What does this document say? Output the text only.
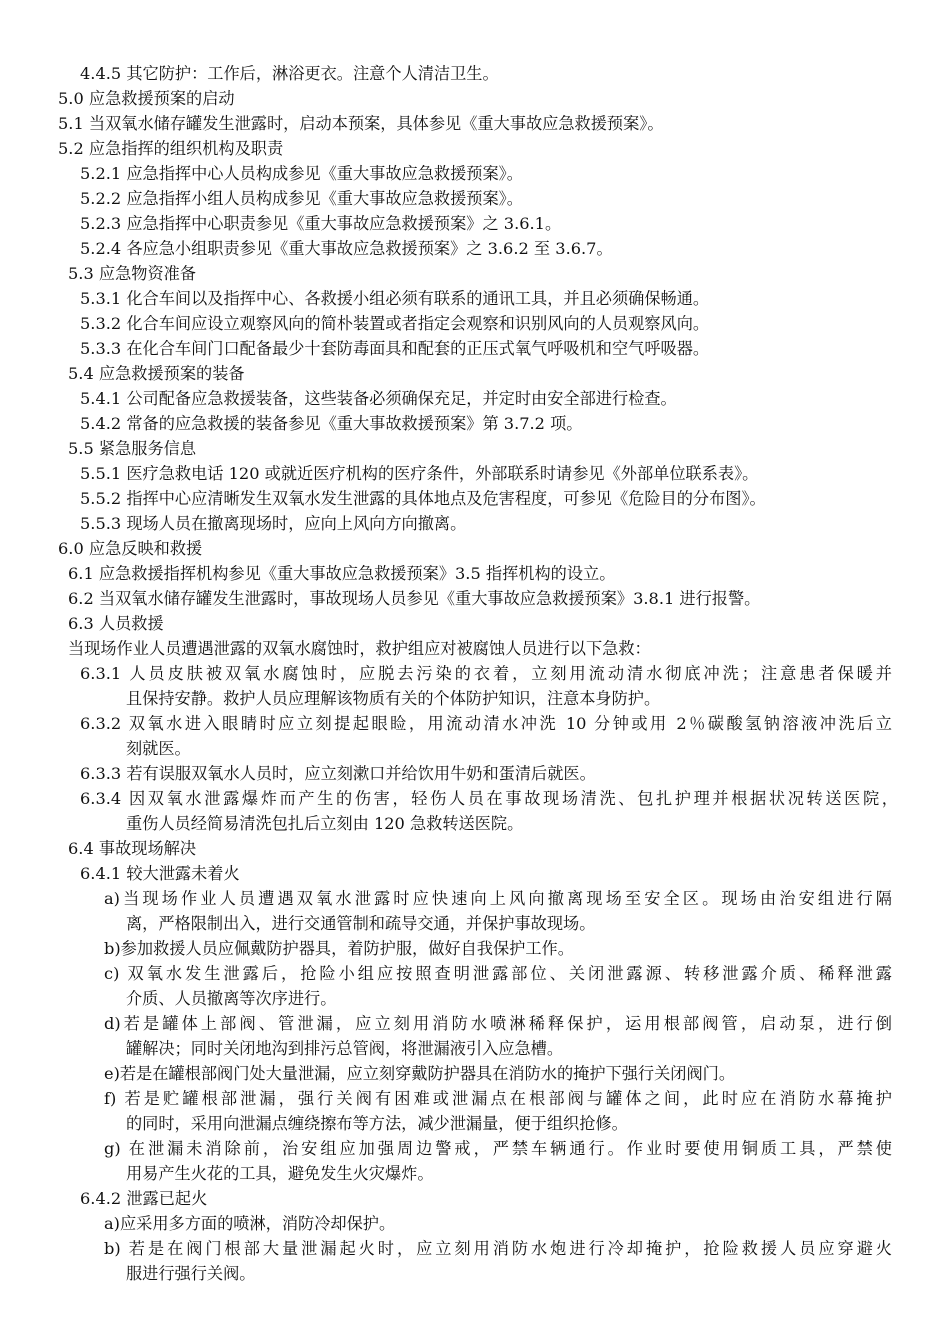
4.4.5 其它防护：工作后，淋浴更衣。注意个人清洁卫生。

5.0 应急救援预案的启动

5.1 当双氧水储存罐发生泄露时，启动本预案，具体参见《重大事故应急救援预案》。

5.2 应急指挥的组织机构及职责

5.2.1 应急指挥中心人员构成参见《重大事故应急救援预案》。

5.2.2 应急指挥小组人员构成参见《重大事故应急救援预案》。

5.2.3 应急指挥中心职责参见《重大事故应急救援预案》之 3.6.1。

5.2.4 各应急小组职责参见《重大事故应急救援预案》之 3.6.2 至 3.6.7。

5.3 应急物资准备

5.3.1 化合车间以及指挥中心、各救援小组必须有联系的通讯工具，并且必须确保畅通。

5.3.2 化合车间应设立观察风向的简朴装置或者指定会观察和识别风向的人员观察风向。

5.3.3 在化合车间门口配备最少十套防毒面具和配套的正压式氧气呼吸机和空气呼吸器。

5.4 应急救援预案的装备

5.4.1 公司配备应急救援装备，这些装备必须确保充足，并定时由安全部进行检查。

5.4.2 常备的应急救援的装备参见《重大事故救援预案》第 3.7.2 项。

5.5 紧急服务信息

5.5.1 医疗急救电话 120 或就近医疗机构的医疗条件，外部联系时请参见《外部单位联系表》。

5.5.2 指挥中心应清晰发生双氧水发生泄露的具体地点及危害程度，可参见《危险目的分布图》。

5.5.3 现场人员在撤离现场时，应向上风向方向撤离。

6.0 应急反映和救援

6.1 应急救援指挥机构参见《重大事故应急救援预案》3.5 指挥机构的设立。

6.2 当双氧水储存罐发生泄露时，事故现场人员参见《重大事故应急救援预案》3.8.1 进行报警。

6.3 人员救援

当现场作业人员遭遇泄露的双氧水腐蚀时，救护组应对被腐蚀人员进行以下急救：

6.3.1 人员皮肤被双氧水腐蚀时，应脱去污染的衣着，立刻用流动清水彻底冲洗；注意患者保暖并

且保持安静。救护人员应理解该物质有关的个体防护知识，注意本身防护。

6.3.2 双氧水进入眼睛时应立刻提起眼睑，用流动清水冲洗 10 分钟或用 2％碳酸氢钠溶液冲洗后立

刻就医。

6.3.3 若有误服双氧水人员时，应立刻漱口并给饮用牛奶和蛋清后就医。

6.3.4 因双氧水泄露爆炸而产生的伤害，轻伤人员在事故现场清洗、包扎护理并根据状况转送医院，

重伤人员经简易清洗包扎后立刻由 120 急救转送医院。

6.4 事故现场解决

6.4.1 较大泄露未着火

a)当现场作业人员遭遇双氧水泄露时应快速向上风向撤离现场至安全区。现场由治安组进行隔

离，严格限制出入，进行交通管制和疏导交通，并保护事故现场。

b)参加救援人员应佩戴防护器具，着防护服，做好自我保护工作。

c) 双氧水发生泄露后，抢险小组应按照查明泄露部位、关闭泄露源、转移泄露介质、稀释泄露

介质、人员撤离等次序进行。

d)若是罐体上部阀、管泄漏，应立刻用消防水喷淋稀释保护，运用根部阀管，启动泵，进行倒

罐解决；同时关闭地沟到排污总管阀，将泄漏液引入应急槽。

e)若是在罐根部阀门处大量泄漏，应立刻穿戴防护器具在消防水的掩护下强行关闭阀门。

f) 若是贮罐根部泄漏，强行关阀有困难或泄漏点在根部阀与罐体之间，此时应在消防水幕掩护

的同时，采用向泄漏点缠绕擦布等方法，减少泄漏量，便于组织抢修。

g) 在泄漏未消除前，治安组应加强周边警戒，严禁车辆通行。作业时要使用铜质工具，严禁使

用易产生火花的工具，避免发生火灾爆炸。

6.4.2 泄露已起火

a)应采用多方面的喷淋，消防冷却保护。

b) 若是在阀门根部大量泄漏起火时，应立刻用消防水炮进行冷却掩护，抢险救援人员应穿避火

服进行强行关阀。
